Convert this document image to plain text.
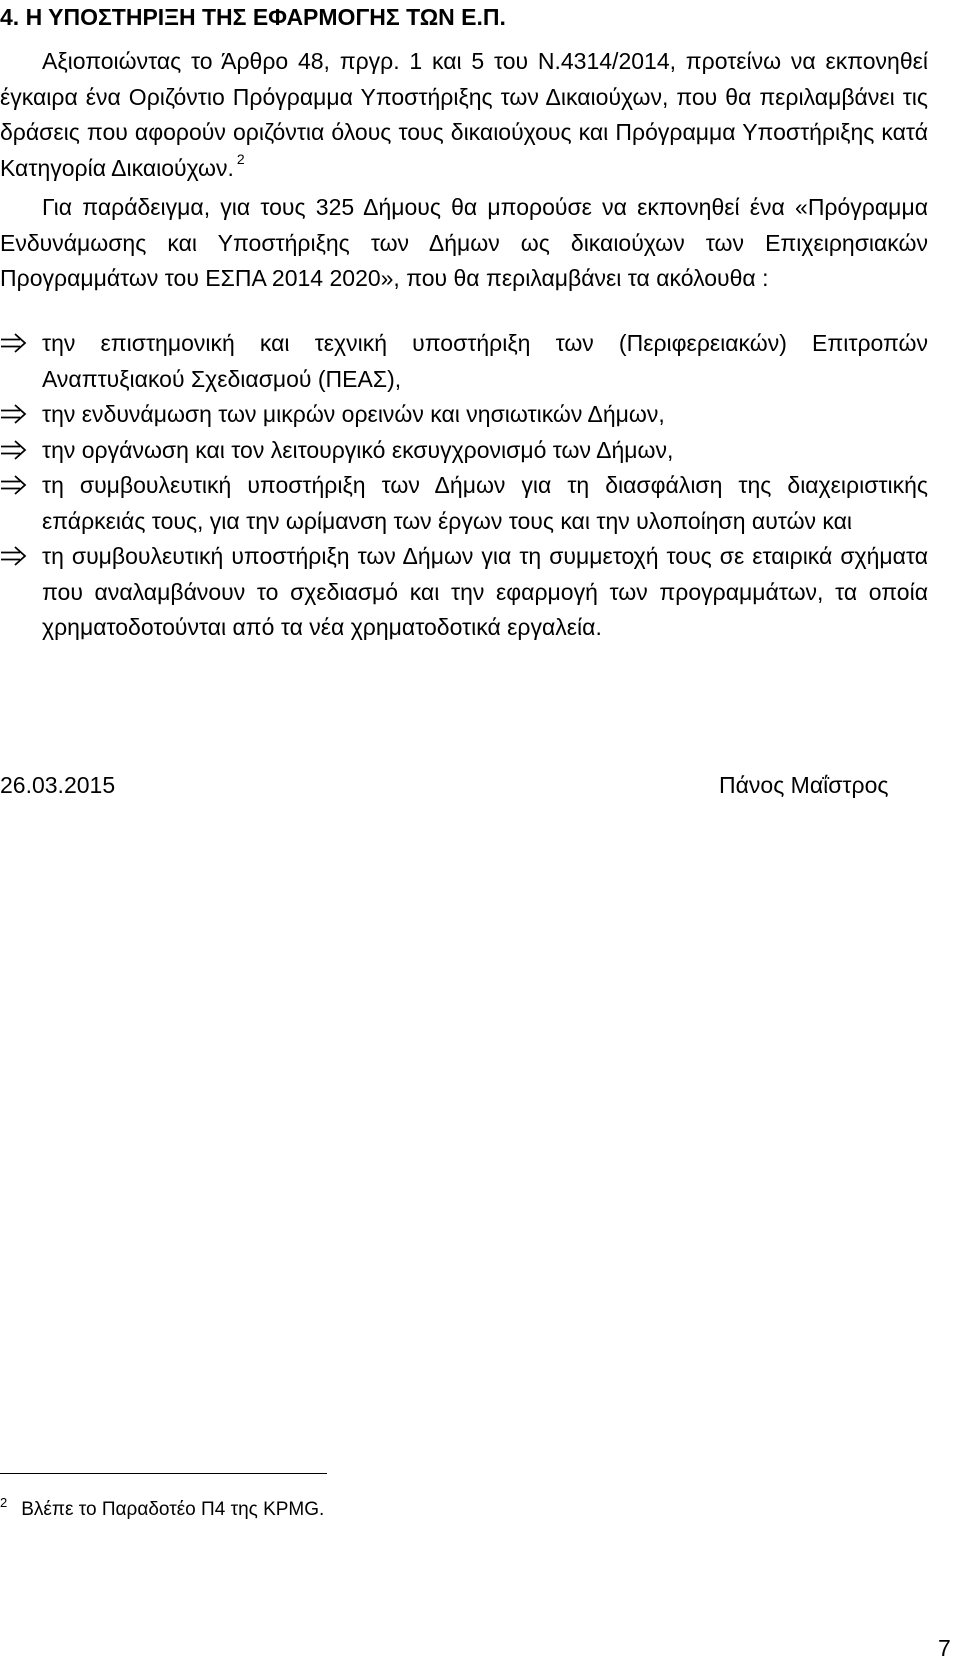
4. Η ΥΠΟΣΤΗΡΙΞΗ ΤΗΣ ΕΦΑΡΜΟΓΗΣ ΤΩΝ Ε.Π.

Αξιοποιώντας το Άρθρο 48, πργρ. 1 και 5 του Ν.4314/2014, προτείνω να εκπονηθεί έγκαιρα ένα Οριζόντιο Πρόγραμμα Υποστήριξης των Δικαιούχων, που θα περιλαμβάνει τις δράσεις που αφορούν οριζόντια όλους τους δικαιούχους και Πρόγραμμα Υποστήριξης κατά Κατηγορία Δικαιούχων. $^2$

Για παράδειγμα, για τους 325 Δήμους θα μπορούσε να εκπονηθεί ένα «Πρόγραμμα Ενδυνάμωσης και Υποστήριξης των Δήμων ως δικαιούχων των Επιχειρησιακών Προγραμμάτων του ΕΣΠΑ 2014 2020», που θα περιλαμβάνει τα ακόλουθα :

την επιστημονική και τεχνική υποστήριξη των (Περιφερειακών) Επιτροπών Αναπτυξιακού Σχεδιασμού (ΠΕΑΣ),
την ενδυνάμωση των μικρών ορεινών και νησιωτικών Δήμων,
την οργάνωση και τον λειτουργικό εκσυγχρονισμό των Δήμων,
τη συμβουλευτική υποστήριξη των Δήμων για τη διασφάλιση της διαχειριστικής επάρκειάς τους, για την ωρίμανση των έργων τους και την υλοποίηση αυτών και
τη συμβουλευτική υποστήριξη των Δήμων για τη συμμετοχή τους σε εταιρικά σχήματα που αναλαμβάνουν το σχεδιασμό και την εφαρμογή των προγραμμάτων, τα οποία χρηματοδοτούνται από τα νέα χρηματοδοτικά εργαλεία.
26.03.2015	Πάνος Μαΐστρος
$^2$ Βλέπε το Παραδοτέο Π4 της KPMG.
7
